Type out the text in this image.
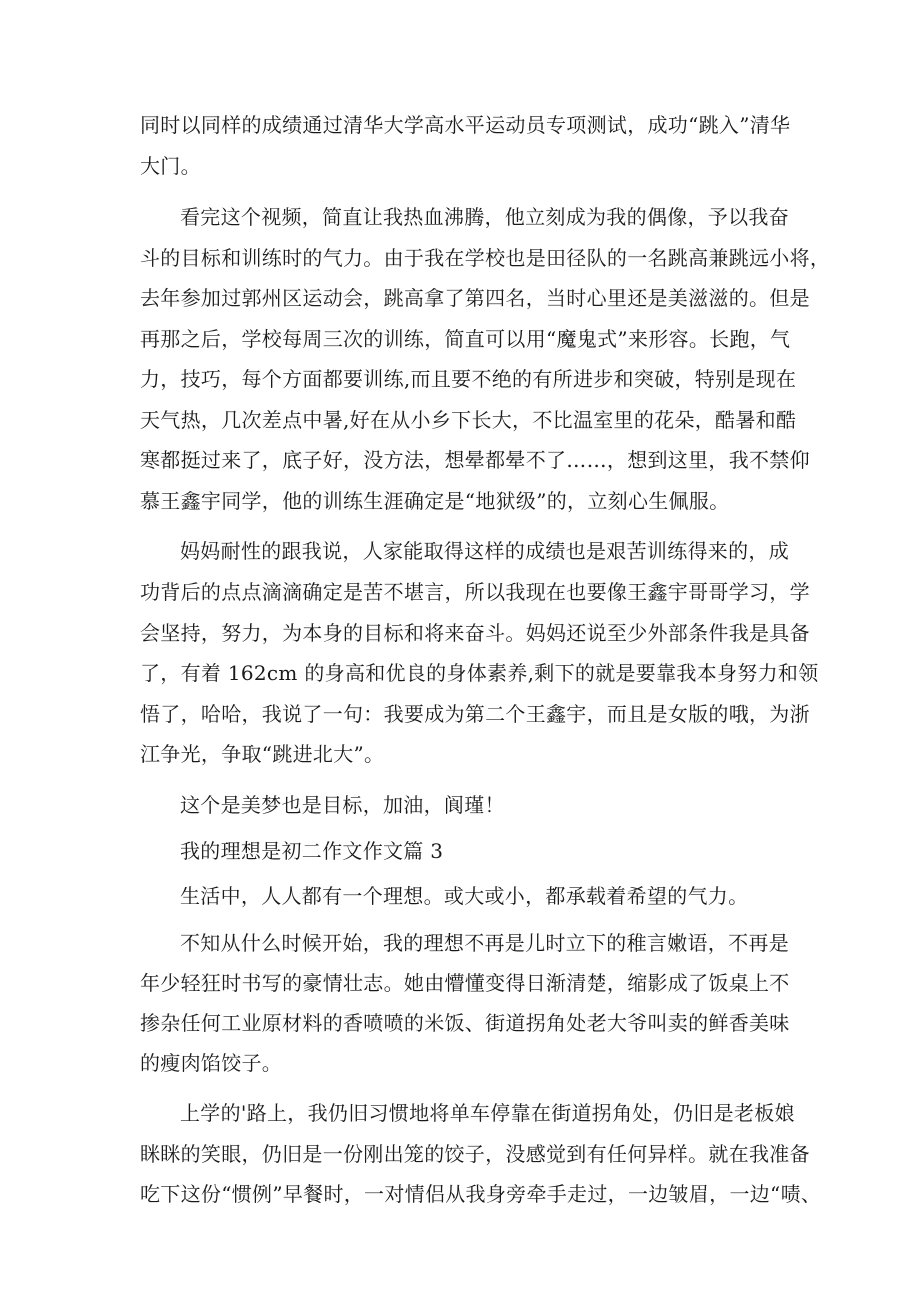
同时以同样的成绩通过清华大学高水平运动员专项测试，成功“跳入”清华
大门。
看完这个视频，简直让我热血沸腾，他立刻成为我的偶像，予以我奋
斗的目标和训练时的气力。由于我在学校也是田径队的一名跳高兼跳远小将，
去年参加过郭州区运动会，跳高拿了第四名，当时心里还是美滋滋的。但是
再那之后，学校每周三次的训练，简直可以用“魔鬼式”来形容。长跑，气
力，技巧，每个方面都要训练,而且要不绝的有所进步和突破，特别是现在
天气热，几次差点中暑,好在从小乡下长大，不比温室里的花朵，酷暑和酷
寒都挺过来了，底子好，没方法，想晕都晕不了……，想到这里，我不禁仰
慕王鑫宇同学，他的训练生涯确定是“地狱级”的，立刻心生佩服。
妈妈耐性的跟我说，人家能取得这样的成绩也是艰苦训练得来的，成
功背后的点点滴滴确定是苦不堪言，所以我现在也要像王鑫宇哥哥学习，学
会坚持，努力，为本身的目标和将来奋斗。妈妈还说至少外部条件我是具备
了，有着 162cm 的身高和优良的身体素养,剩下的就是要靠我本身努力和领
悟了，哈哈，我说了一句：我要成为第二个王鑫宇，而且是女版的哦，为浙
江争光，争取“跳进北大”。
这个是美梦也是目标，加油，阆瑾！
我的理想是初二作文作文篇 3
生活中，人人都有一个理想。或大或小，都承载着希望的气力。
不知从什么时候开始，我的理想不再是儿时立下的稚言嫩语，不再是
年少轻狂时书写的豪情壮志。她由懵懂变得日渐清楚，缩影成了饭桌上不
掺杂任何工业原材料的香喷喷的米饭、街道拐角处老大爷叫卖的鲜香美味
的瘦肉馅饺子。
上学的'路上，我仍旧习惯地将单车停靠在街道拐角处，仍旧是老板娘
眯眯的笑眼，仍旧是一份刚出笼的饺子，没感觉到有任何异样。就在我准备
吃下这份“惯例”早餐时，一对情侣从我身旁牵手走过，一边皱眉，一边“啧、
